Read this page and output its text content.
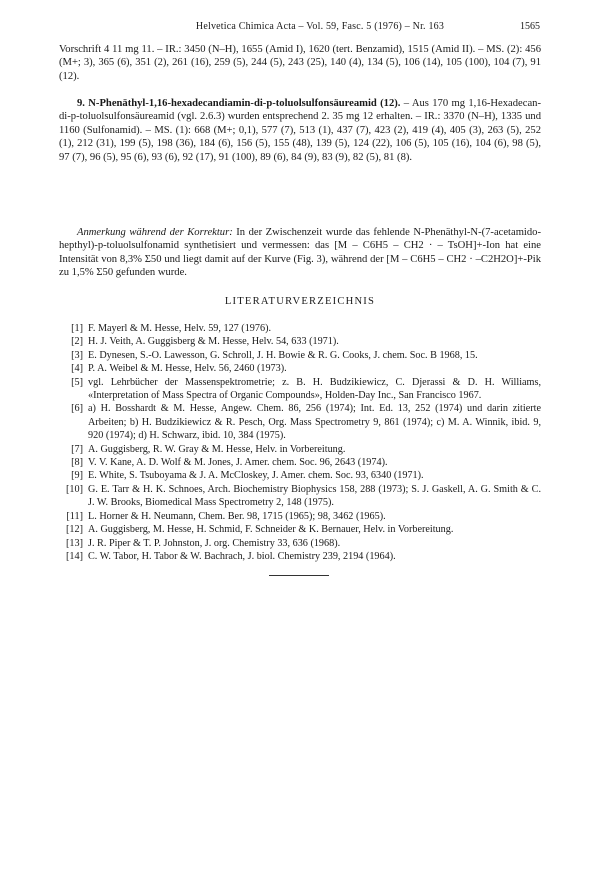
Helvetica Chimica Acta – Vol. 59, Fasc. 5 (1976) – Nr. 163	1565

Vorschrift 4 11 mg 11. – IR.: 3450 (N–H), 1655 (Amid I), 1620 (tert. Benzamid), 1515 (Amid II). – MS. (2): 456 (M+; 3), 365 (6), 351 (2), 261 (16), 259 (5), 244 (5), 243 (25), 140 (4), 134 (5), 106 (14), 105 (100), 104 (7), 91 (12).

9. N-Phenäthyl-1,16-hexadecandiamin-di-p-toluolsulfonsäureamid (12). – Aus 170 mg 1,16-Hexadecan-di-p-toluolsulfonsäureamid (vgl. 2.6.3) wurden entsprechend 2. 35 mg 12 erhalten. – IR.: 3370 (N–H), 1335 und 1160 (Sulfonamid). – MS. (1): 668 (M+; 0,1), 577 (7), 513 (1), 437 (7), 423 (2), 419 (4), 405 (3), 263 (5), 252 (1), 212 (31), 199 (5), 198 (36), 184 (6), 156 (5), 155 (48), 139 (5), 124 (22), 106 (5), 105 (16), 104 (6), 98 (5), 97 (7), 96 (5), 95 (6), 93 (6), 92 (17), 91 (100), 89 (6), 84 (9), 83 (9), 82 (5), 81 (8).

Anmerkung während der Korrektur: In der Zwischenzeit wurde das fehlende N-Phenäthyl-N-(7-acetamido-hepthyl)-p-toluolsulfonamid synthetisiert und vermessen: das [M – C6H5 – CH2 · – TsOH]+-Ion hat eine Intensität von 8,3% Σ50 und liegt damit auf der Kurve (Fig. 3), während der [M – C6H5 – CH2 · –C2H2O]+-Pik zu 1,5% Σ50 gefunden wurde.

LITERATURVERZEICHNIS
[1] F. Mayerl & M. Hesse, Helv. 59, 127 (1976).
[2] H. J. Veith, A. Guggisberg & M. Hesse, Helv. 54, 633 (1971).
[3] E. Dynesen, S.-O. Lawesson, G. Schroll, J. H. Bowie & R. G. Cooks, J. chem. Soc. B 1968, 15.
[4] P. A. Weibel & M. Hesse, Helv. 56, 2460 (1973).
[5] vgl. Lehrbücher der Massenspektrometrie; z. B. H. Budzikiewicz, C. Djerassi & D. H. Williams, «Interpretation of Mass Spectra of Organic Compounds», Holden-Day Inc., San Francisco 1967.
[6] a) H. Bosshardt & M. Hesse, Angew. Chem. 86, 256 (1974); Int. Ed. 13, 252 (1974) und darin zitierte Arbeiten; b) H. Budzikiewicz & R. Pesch, Org. Mass Spectrometry 9, 861 (1974); c) M. A. Winnik, ibid. 9, 920 (1974); d) H. Schwarz, ibid. 10, 384 (1975).
[7] A. Guggisberg, R. W. Gray & M. Hesse, Helv. in Vorbereitung.
[8] V. V. Kane, A. D. Wolf & M. Jones, J. Amer. chem. Soc. 96, 2643 (1974).
[9] E. White, S. Tsuboyama & J. A. McCloskey, J. Amer. chem. Soc. 93, 6340 (1971).
[10] G. E. Tarr & H. K. Schnoes, Arch. Biochemistry Biophysics 158, 288 (1973); S. J. Gaskell, A. G. Smith & C. J. W. Brooks, Biomedical Mass Spectrometry 2, 148 (1975).
[11] L. Horner & H. Neumann, Chem. Ber. 98, 1715 (1965); 98, 3462 (1965).
[12] A. Guggisberg, M. Hesse, H. Schmid, F. Schneider & K. Bernauer, Helv. in Vorbereitung.
[13] J. R. Piper & T. P. Johnston, J. org. Chemistry 33, 636 (1968).
[14] C. W. Tabor, H. Tabor & W. Bachrach, J. biol. Chemistry 239, 2194 (1964).
